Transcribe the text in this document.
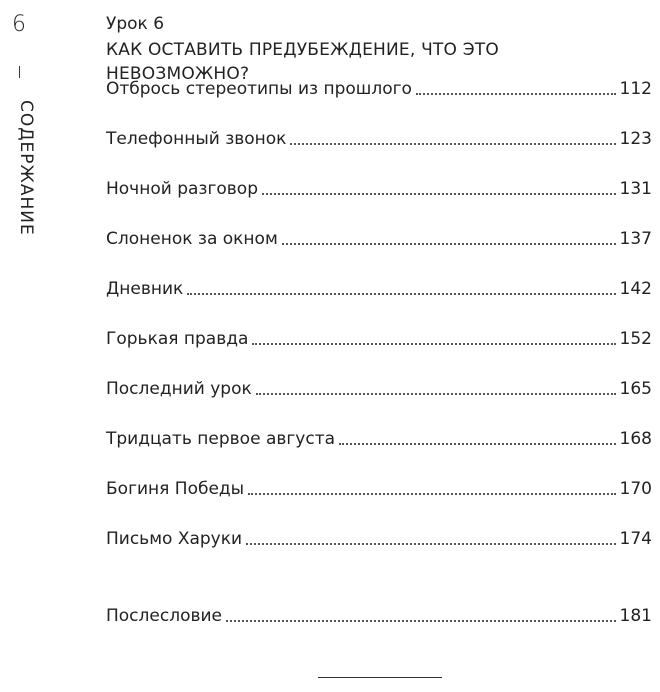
6
СОДЕРЖАНИЕ
Урок 6
КАК ОСТАВИТЬ ПРЕДУБЕЖДЕНИЕ, ЧТО ЭТО НЕВОЗМОЖНО?
Отбрось стереотипы из прошлого	112
Телефонный звонок	123
Ночной разговор	131
Слоненок за окном	137
Дневник	142
Горькая правда	152
Последний урок	165
Тридцать первое августа	168
Богиня Победы	170
Письмо Харуки	174
Послесловие	181
